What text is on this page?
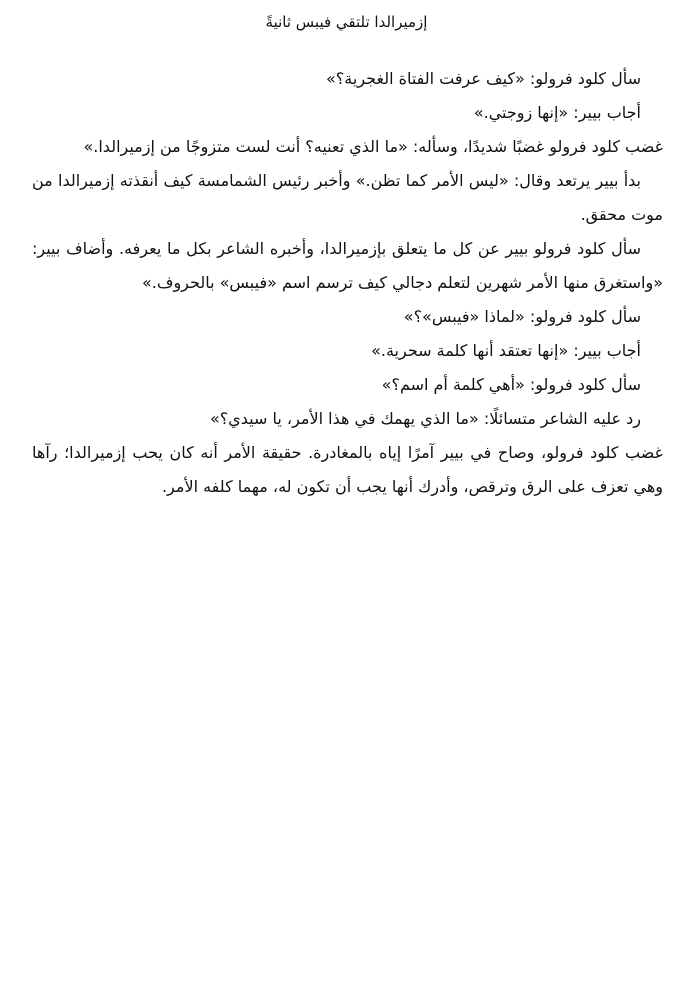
إزميرالدا تلتقي فيبس ثانيةً

سأل كلود فرولو: «كيف عرفت الفتاة الغجرية؟»

أجاب بيير: «إنها زوجتي.»

غضب كلود فرولو غضبًا شديدًا، وسأله: «ما الذي تعنيه؟ أنت لست متزوجًا من إزميرالدا.»

بدأ بيير يرتعد وقال: «ليس الأمر كما تظن.» وأخبر رئيس الشمامسة كيف أنقذته إزميرالدا من موت محقق.

سأل كلود فرولو بيير عن كل ما يتعلق بإزميرالدا، وأخبره الشاعر بكل ما يعرفه. وأضاف بيير: «واستغرق منها الأمر شهرين لتعلم دجالي كيف ترسم اسم «فيبس» بالحروف.»

سأل كلود فرولو: «لماذا «فيبس»؟»

أجاب بيير: «إنها تعتقد أنها كلمة سحرية.»

سأل كلود فرولو: «أهي كلمة أم اسم؟»

رد عليه الشاعر متسائلًا: «ما الذي يهمك في هذا الأمر، يا سيدي؟»

غضب كلود فرولو، وصاح في بيير آمرًا إياه بالمغادرة. حقيقة الأمر أنه كان يحب إزميرالدا؛ رآها وهي تعزف على الرق وترقص، وأدرك أنها يجب أن تكون له، مهما كلفه الأمر.
